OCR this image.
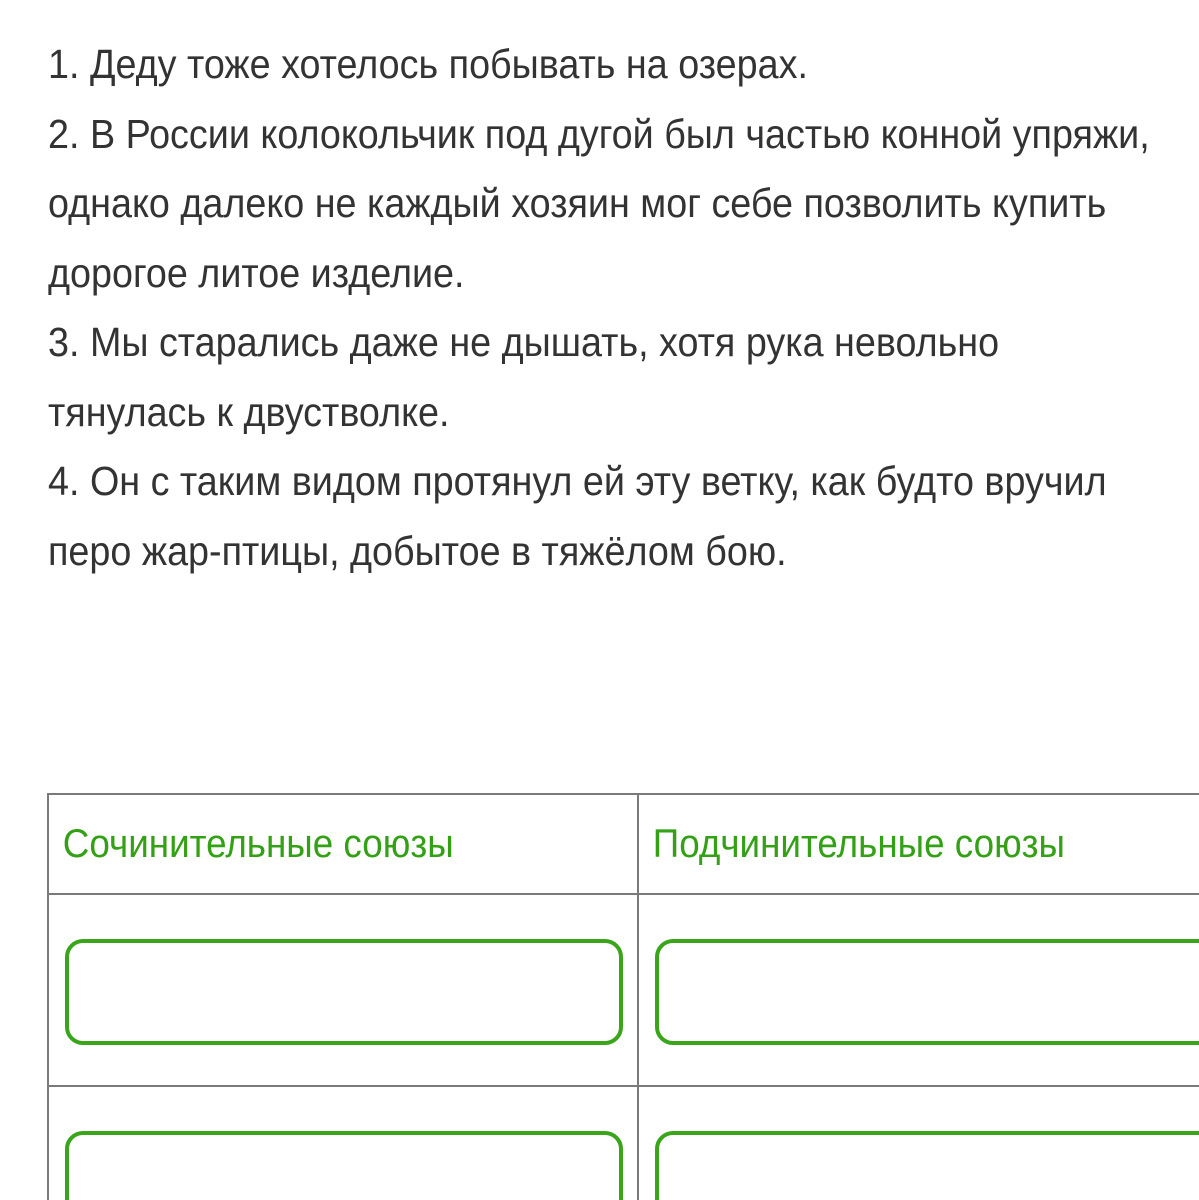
1. Деду тоже хотелось побывать на озерах.

2. В России колокольчик под дугой был частью конной упряжи, однако далеко не каждый хозяин мог себе позволить купить дорогое литое изделие.

3. Мы старались даже не дышать, хотя рука невольно тянулась к двустволке.

4. Он с таким видом протянул ей эту ветку, как будто вручил перо жар-птицы, добытое в тяжёлом бою.

Сочинительные союзы	Подчинительные союзы
